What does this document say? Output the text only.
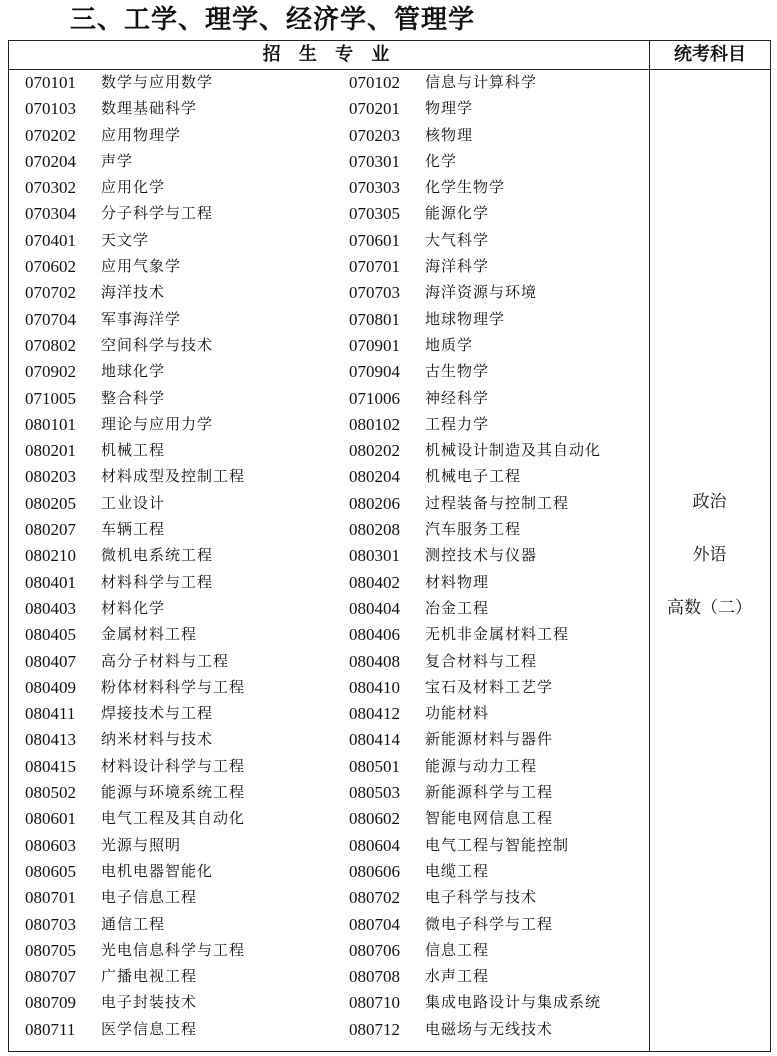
三、工学、理学、经济学、管理学
招 生 专 业	统考科目
070101 数学与应用数学	070102 信息与计算科学
070103 数理基础科学	070201 物理学
070202 应用物理学	070203 核物理
070204 声学	070301 化学
070302 应用化学	070303 化学生物学
070304 分子科学与工程	070305 能源化学
070401 天文学	070601 大气科学
070602 应用气象学	070701 海洋科学
070702 海洋技术	070703 海洋资源与环境
070704 军事海洋学	070801 地球物理学
070802 空间科学与技术	070901 地质学
070902 地球化学	070904 古生物学
071005 整合科学	071006 神经科学
080101 理论与应用力学	080102 工程力学
080201 机械工程	080202 机械设计制造及其自动化
080203 材料成型及控制工程	080204 机械电子工程
080205 工业设计	080206 过程装备与控制工程
080207 车辆工程	080208 汽车服务工程
080210 微机电系统工程	080301 测控技术与仪器
080401 材料科学与工程	080402 材料物理
080403 材料化学	080404 冶金工程
080405 金属材料工程	080406 无机非金属材料工程
080407 高分子材料与工程	080408 复合材料与工程
080409 粉体材料科学与工程	080410 宝石及材料工艺学
080411 焊接技术与工程	080412 功能材料
080413 纳米材料与技术	080414 新能源材料与器件
080415 材料设计科学与工程	080501 能源与动力工程
080502 能源与环境系统工程	080503 新能源科学与工程
080601 电气工程及其自动化	080602 智能电网信息工程
080603 光源与照明	080604 电气工程与智能控制
080605 电机电器智能化	080606 电缆工程
080701 电子信息工程	080702 电子科学与技术
080703 通信工程	080704 微电子科学与工程
080705 光电信息科学与工程	080706 信息工程
080707 广播电视工程	080708 水声工程
080709 电子封装技术	080710 集成电路设计与集成系统
080711 医学信息工程	080712 电磁场与无线技术
政治
外语
高数（二）
